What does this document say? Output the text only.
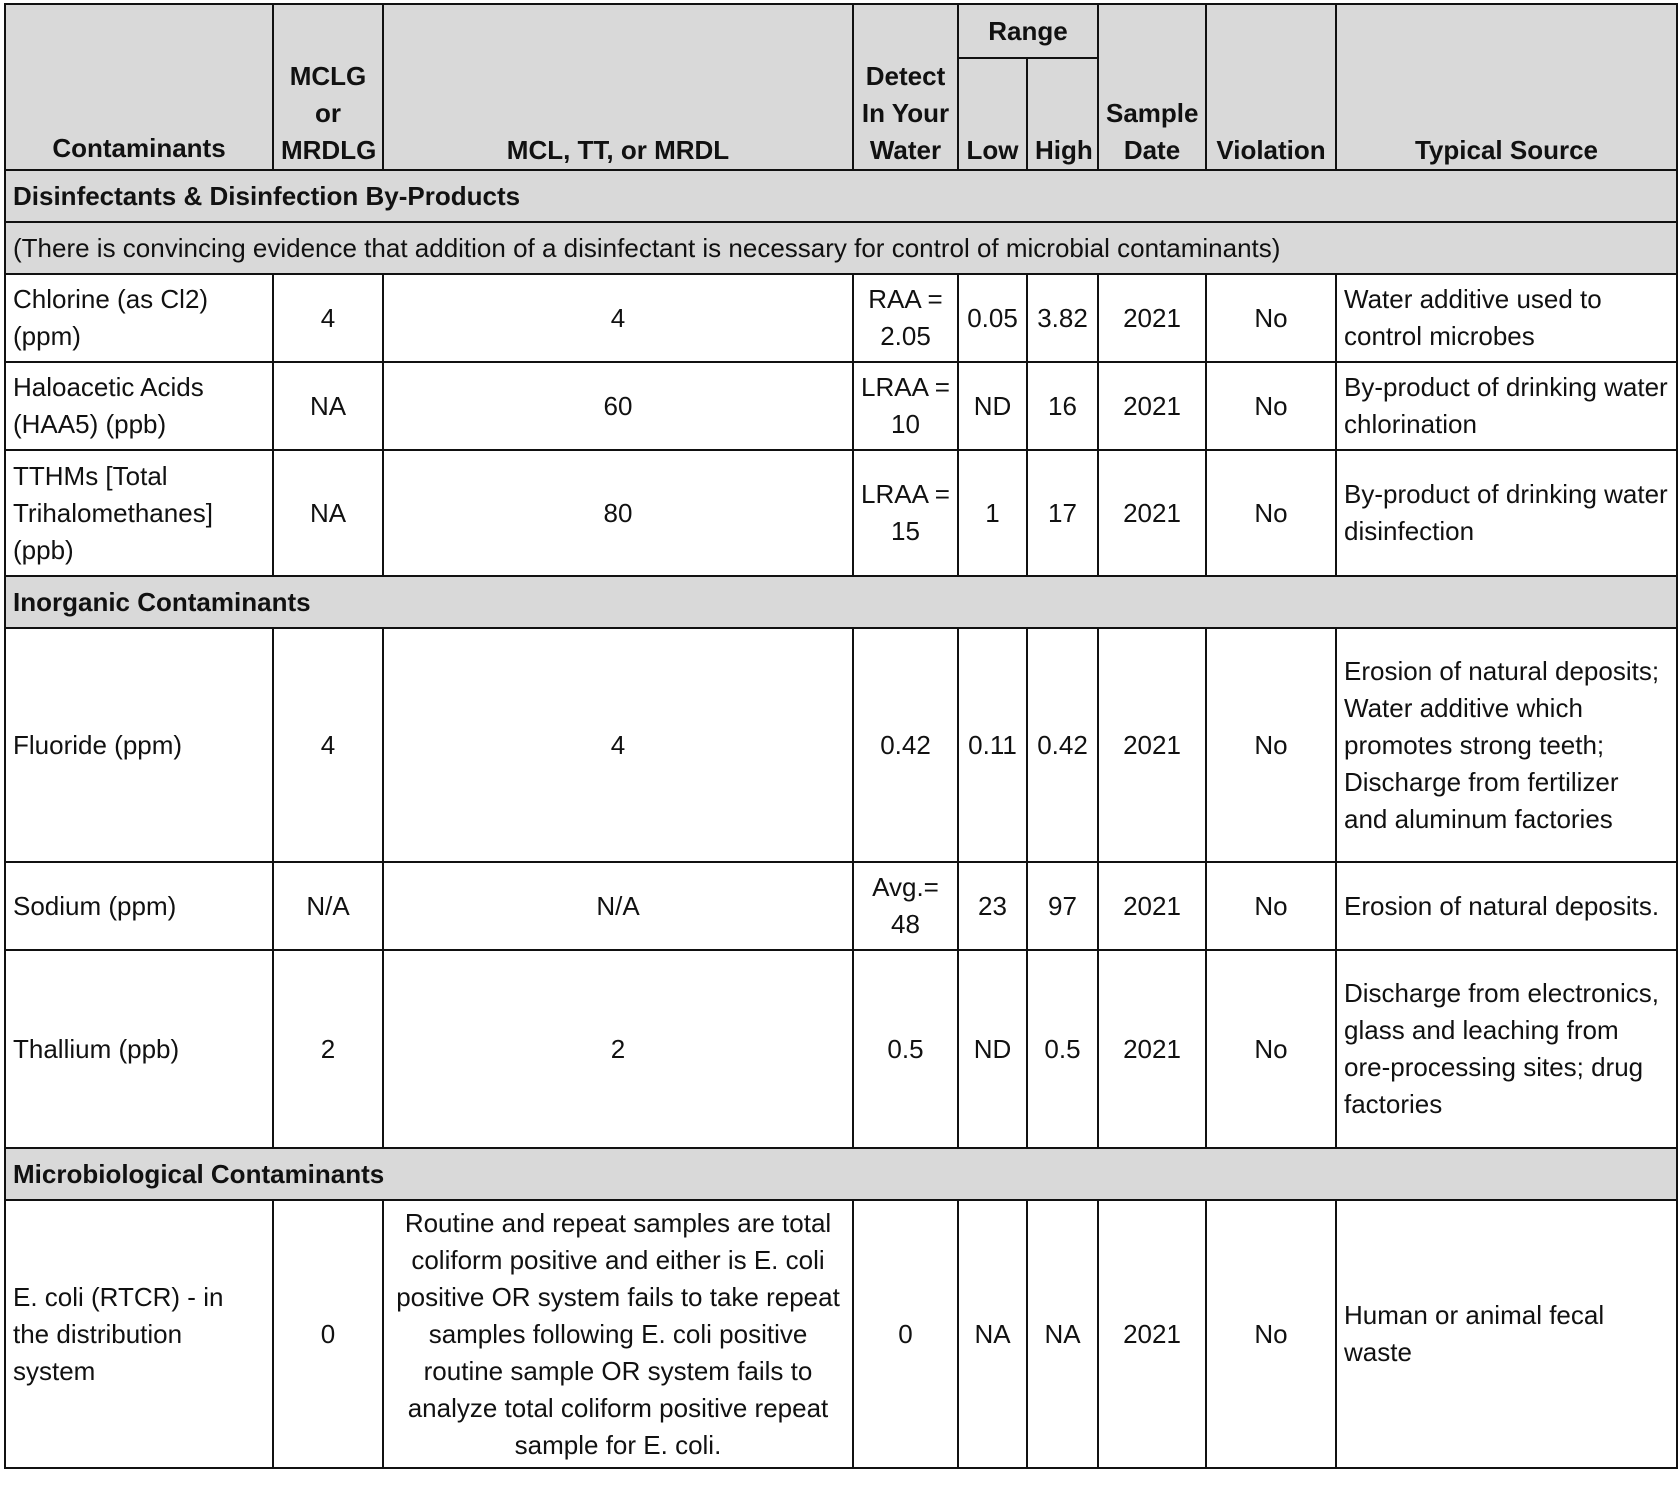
Contaminants	MCLG or MRDLG	MCL, TT, or MRDL	Detect In Your Water	Range		Sample Date	Violation	Typical Source
				Low	High			
Disinfectants & Disinfection By-Products								
(There is convincing evidence that addition of a disinfectant is necessary for control of microbial contaminants)								
Chlorine (as Cl2) (ppm)	4	4	RAA = 2.05	0.05	3.82	2021	No	Water additive used to control microbes
Haloacetic Acids (HAA5) (ppb)	NA	60	LRAA = 10	ND	16	2021	No	By-product of drinking water chlorination
TTHMs [Total Trihalomethanes] (ppb)	NA	80	LRAA = 15	1	17	2021	No	By-product of drinking water disinfection
Inorganic Contaminants								
Fluoride (ppm)	4	4	0.42	0.11	0.42	2021	No	Erosion of natural deposits; Water additive which promotes strong teeth; Discharge from fertilizer and aluminum factories
Sodium (ppm)	N/A	N/A	Avg.= 48	23	97	2021	No	Erosion of natural deposits.
Thallium (ppb)	2	2	0.5	ND	0.5	2021	No	Discharge from electronics, glass and leaching from ore-processing sites; drug factories
Microbiological Contaminants								
E. coli (RTCR) - in the distribution system	0	Routine and repeat samples are total coliform positive and either is E. coli positive OR system fails to take repeat samples following E. coli positive routine sample OR system fails to analyze total coliform positive repeat sample for E. coli.	0	NA	NA	2021	No	Human or animal fecal waste
